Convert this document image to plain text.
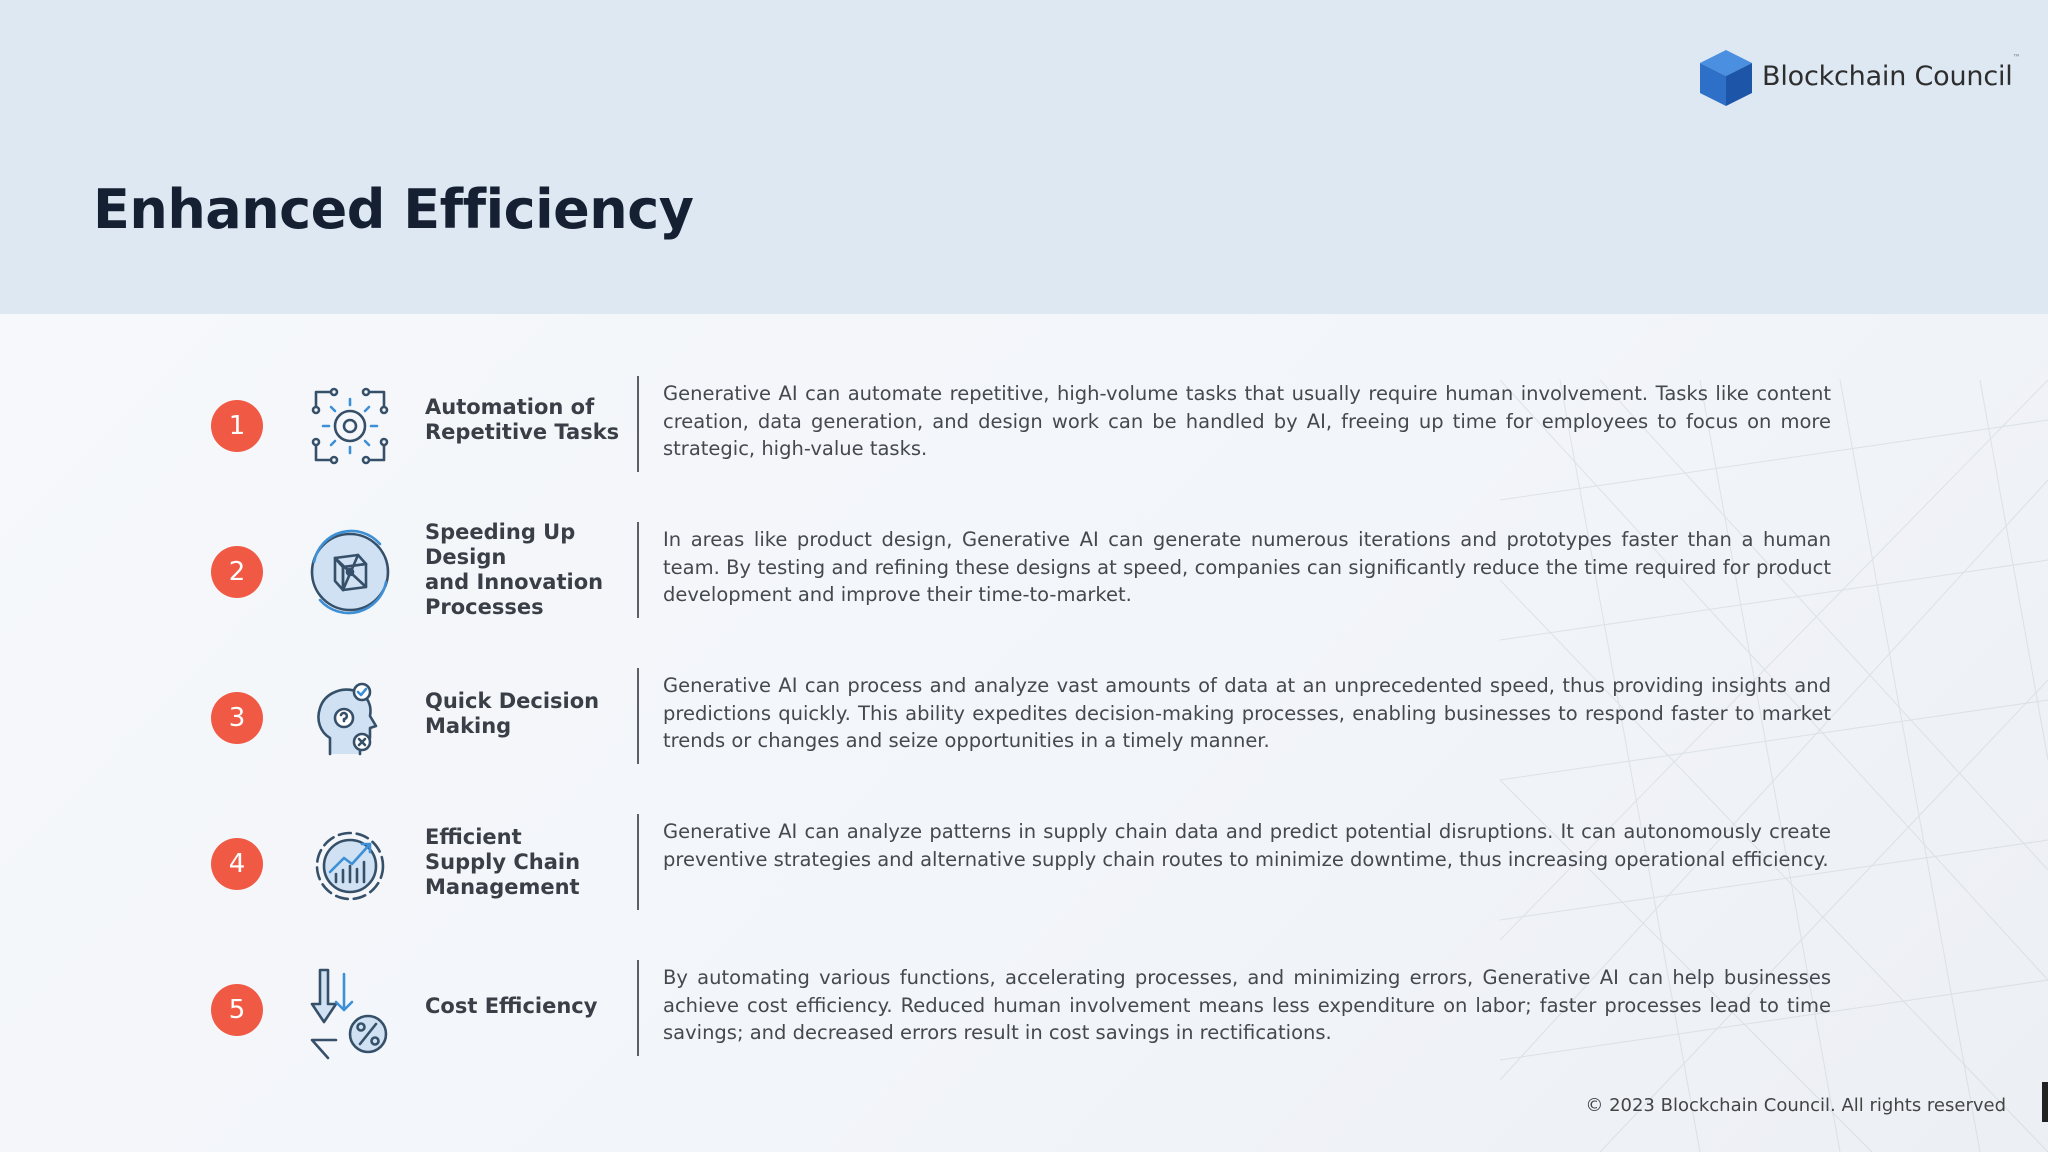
Blockchain Council
™
Enhanced Efficiency
1
Automation of
Repetitive Tasks

Generative AI can automate repetitive, high-volume tasks that usually require human involvement. Tasks like content creation, data generation, and design work can be handled by AI, freeing up time for employees to focus on more strategic, high-value tasks.

2
Speeding Up Design
and Innovation
Processes

In areas like product design, Generative AI can generate numerous iterations and prototypes faster than a human team. By testing and refining these designs at speed, companies can significantly reduce the time required for product development and improve their time-to-market.

3
Quick Decision
Making

Generative AI can process and analyze vast amounts of data at an unprecedented speed, thus providing insights and predictions quickly. This ability expedites decision-making processes, enabling businesses to respond faster to market trends or changes and seize opportunities in a timely manner.

4
Efficient
Supply Chain
Management

Generative AI can analyze patterns in supply chain data and predict potential disruptions. It can autonomously create preventive strategies and alternative supply chain routes to minimize downtime, thus increasing operational efficiency.

5	Cost Efficiency

By automating various functions, accelerating processes, and minimizing errors, Generative AI can help businesses achieve cost efficiency. Reduced human involvement means less expenditure on labor; faster processes lead to time savings; and decreased errors result in cost savings in rectifications.

© 2023 Blockchain Council. All rights reserved
